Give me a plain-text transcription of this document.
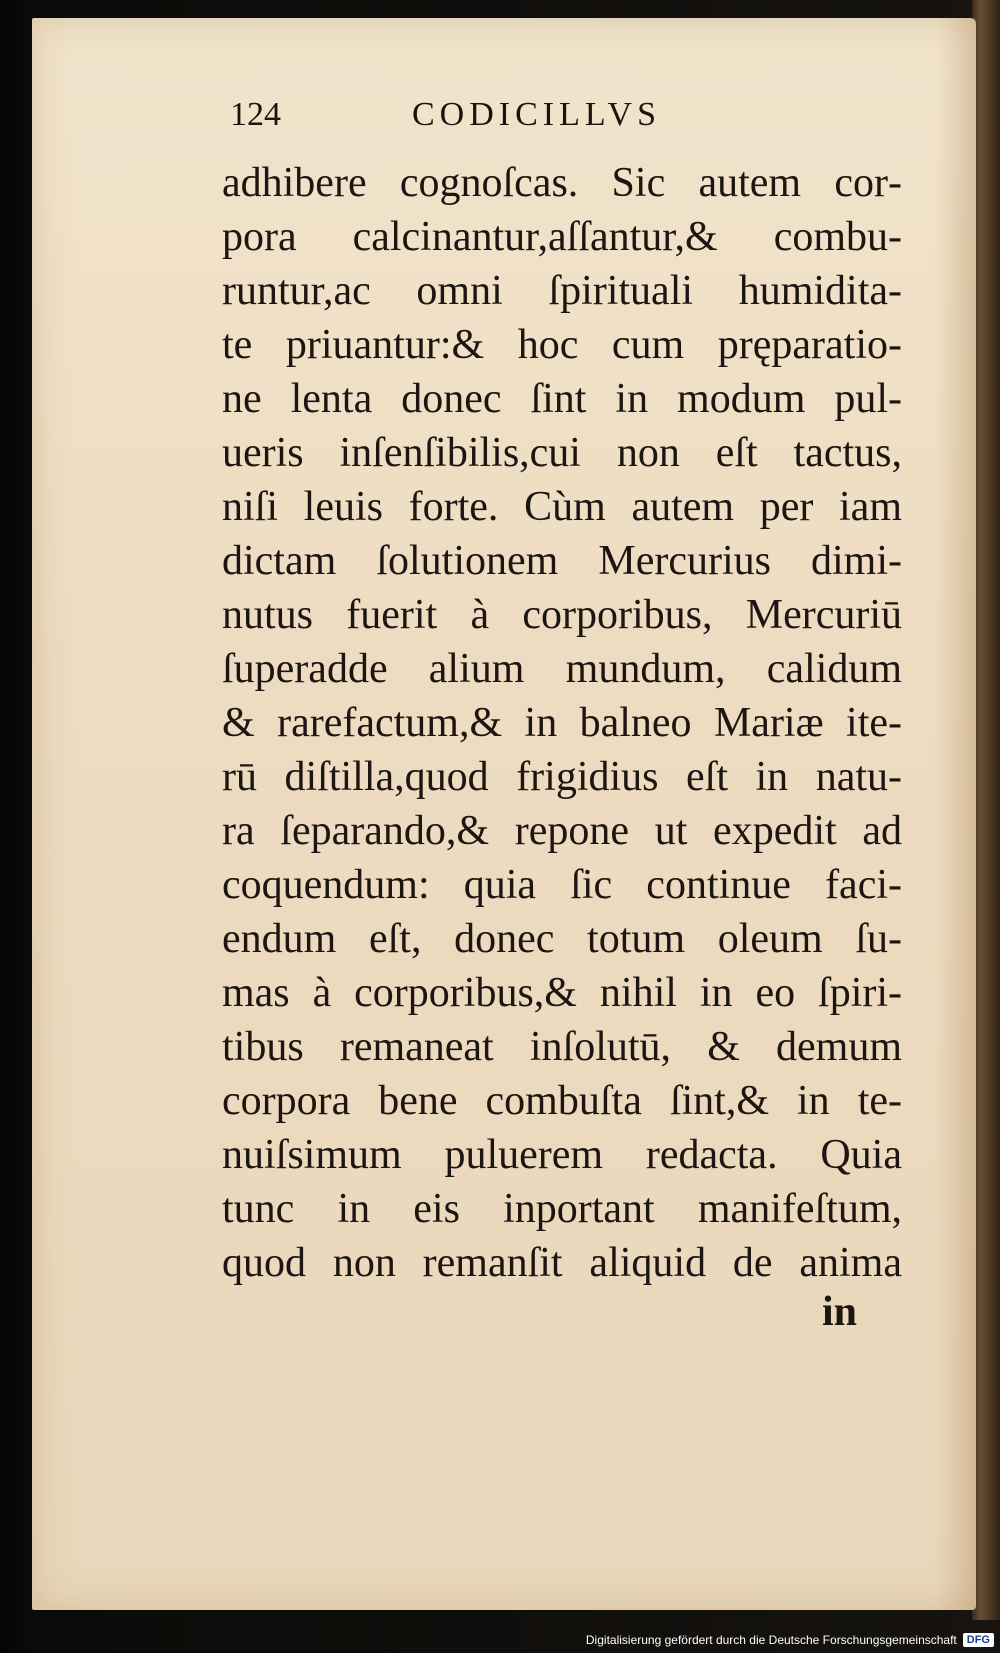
124	CODICILLVS
adhibere cognoſcas. Sic autem cor‑
pora calcinantur,aſſantur,& combu‑
runtur,ac omni ſpirituali humidita‑
te priuantur:& hoc cum pręparatio‑
ne lenta donec ſint in modum pul‑
ueris inſenſibilis,cui non eſt tactus,
niſi leuis forte. Cùm autem per iam
dictam ſolutionem Mercurius dimi‑
nutus fuerit à corporibus, Mercuriū
ſuperadde alium mundum, calidum
& rarefactum,& in balneo Mariæ ite‑
rū diſtilla,quod frigidius eſt in natu‑
ra ſeparando,& repone ut expedit ad
coquendum: quia ſic continue faci‑
endum eſt, donec totum oleum ſu‑
mas à corporibus,& nihil in eo ſpiri‑
tibus remaneat inſolutū, & demum
corpora bene combuſta ſint,& in te‑
nuiſsimum puluerem redacta. Quia
tunc in eis inportant manifeſtum,
quod non remanſit aliquid de anima
in
Digitalisierung gefördert durch die Deutsche Forschungsgemeinschaft DFG
